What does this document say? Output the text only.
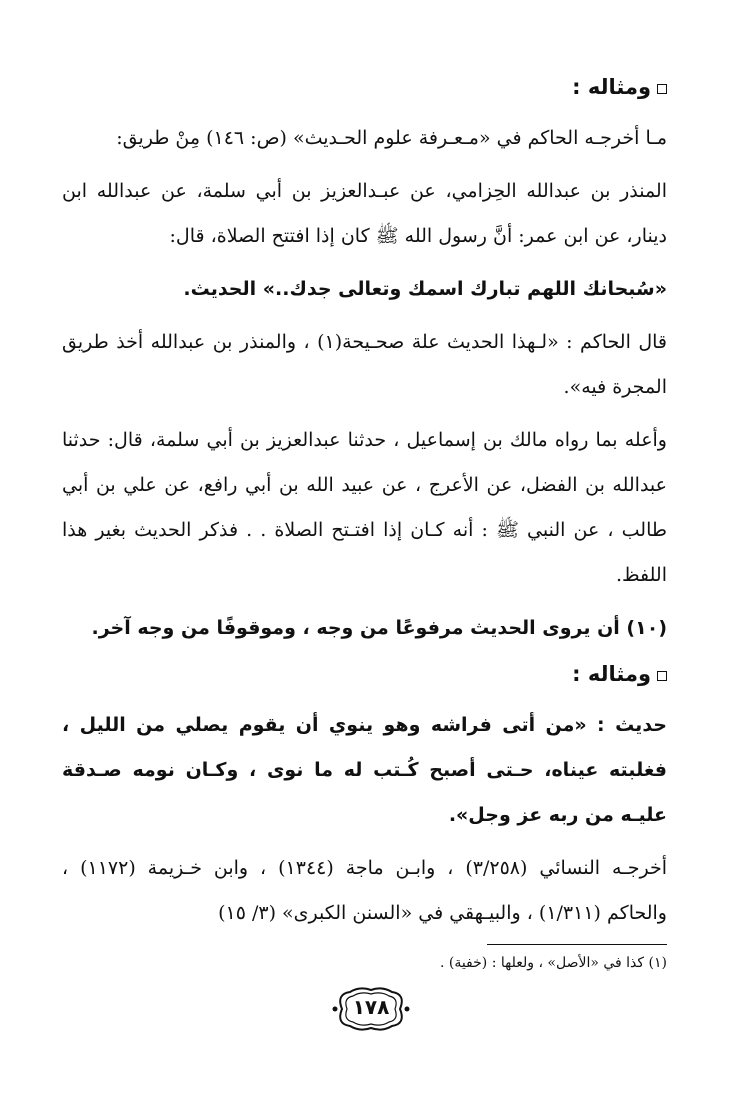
ومثاله :

مـا أخرجـه الحاكم في «مـعـرفة علوم الحـديث» (ص: ١٤٦) مِنْ طريق:

المنذر بن عبدالله الحِزامي، عن عبـدالعزيز بن أبي سلمة، عن عبدالله ابن دينار، عن ابن عمر: أنَّ رسول الله ﷺ كان إذا افتتح الصلاة، قال:

«سُبحانك اللهم تبارك اسمك وتعالى جدك..» الحديث.

قال الحاكم : «لـهذا الحديث علة صحـيحة(١) ، والمنذر بن عبدالله أخذ طريق المجرة فيه».

وأعله بما رواه مالك بن إسماعيل ، حدثنا عبدالعزيز بن أبي سلمة، قال: حدثنا عبدالله بن الفضل، عن الأعرج ، عن عبيد الله بن أبي رافع، عن علي بن أبي طالب ، عن النبي ﷺ : أنه كـان إذا افتـتح الصلاة . . فذكر الحديث بغير هذا اللفظ.

(١٠) أن يروى الحديث مرفوعًا من وجه ، وموقوفًا من وجه آخر.

ومثاله :

حديث : «من أتى فراشه وهو ينوي أن يقوم يصلي من الليل ، فغلبته عيناه، حـتى أصبح كُـتب له ما نوى ، وكـان نومه صـدقة عليـه من ربه عز وجل».

أخرجـه النسائي (٣/٢٥٨) ، وابـن ماجة (١٣٤٤) ، وابن خـزيمة (١١٧٢) ، والحاكم (١/٣١١) ، والبيـهقي في «السنن الكبرى» (٣/ ١٥)

(١) كذا في «الأصل» ، ولعلها : (خفية) .

١٧٨
